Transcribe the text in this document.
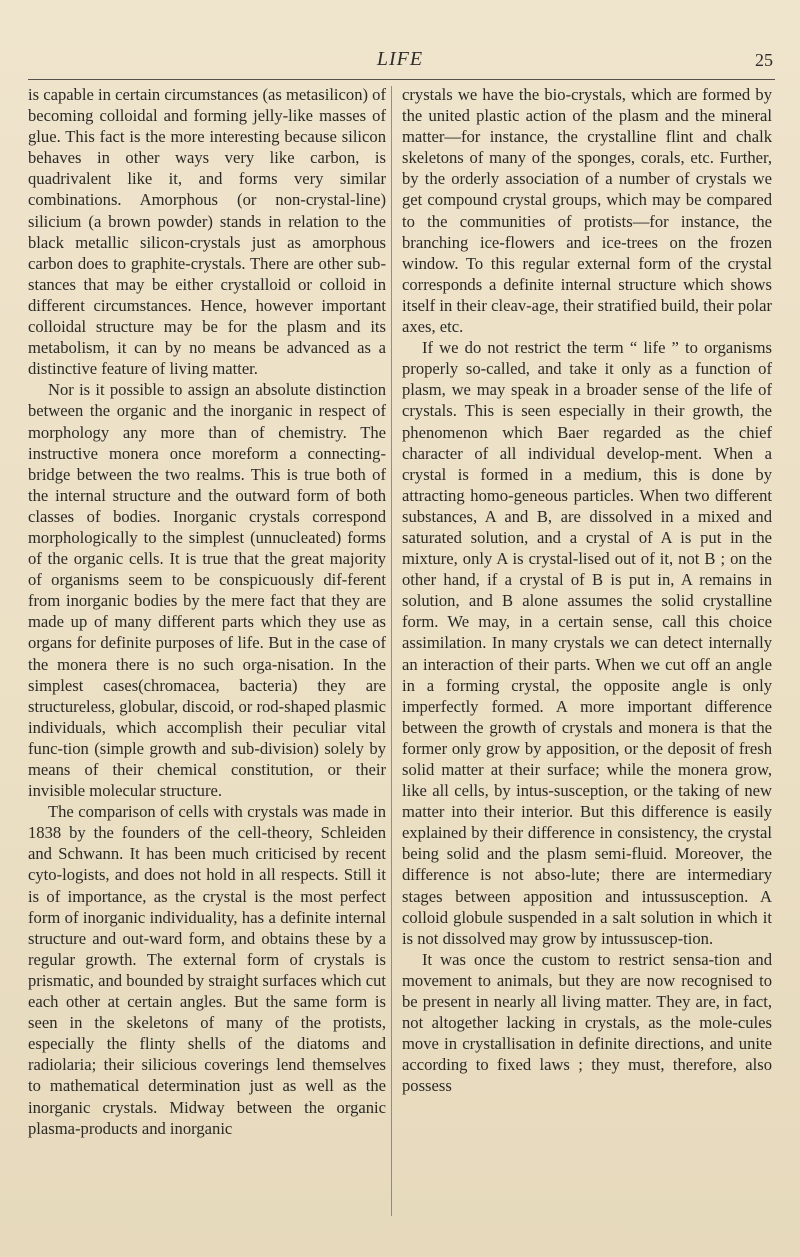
LIFE	25

is capable in certain circumstances (as metasilicon) of becoming colloidal and forming jelly-like masses of glue. This fact is the more interesting because silicon behaves in other ways very like carbon, is quadrivalent like it, and forms very similar combinations. Amorphous (or non-crystal-line) silicium (a brown powder) stands in relation to the black metallic silicon-crystals just as amorphous carbon does to graphite-crystals. There are other sub-stances that may be either crystalloid or colloid in different circumstances. Hence, however important colloidal structure may be for the plasm and its metabolism, it can by no means be advanced as a distinctive feature of living matter.

Nor is it possible to assign an absolute distinction between the organic and the inorganic in respect of morphology any more than of chemistry. The instructive monera once moreform a connecting-bridge between the two realms. This is true both of the internal structure and the outward form of both classes of bodies. Inorganic crystals correspond morphologically to the simplest (unnucleated) forms of the organic cells. It is true that the great majority of organisms seem to be conspicuously dif-ferent from inorganic bodies by the mere fact that they are made up of many different parts which they use as organs for definite purposes of life. But in the case of the monera there is no such orga-nisation. In the simplest cases(chromacea, bacteria) they are structureless, globular, discoid, or rod-shaped plasmic individuals, which accomplish their peculiar vital func-tion (simple growth and sub-division) solely by means of their chemical constitution, or their invisible molecular structure.

The comparison of cells with crystals was made in 1838 by the founders of the cell-theory, Schleiden and Schwann. It has been much criticised by recent cyto-logists, and does not hold in all respects. Still it is of importance, as the crystal is the most perfect form of inorganic individuality, has a definite internal structure and out-ward form, and obtains these by a regular growth. The external form of crystals is prismatic, and bounded by straight surfaces which cut each other at certain angles. But the same form is seen in the skeletons of many of the protists, especially the flinty shells of the diatoms and radiolaria; their silicious coverings lend themselves to mathematical determination just as well as the inorganic crystals. Midway between the organic plasma-products and inorganic

crystals we have the bio-crystals, which are formed by the united plastic action of the plasm and the mineral matter—for instance, the crystalline flint and chalk skeletons of many of the sponges, corals, etc. Further, by the orderly association of a number of crystals we get compound crystal groups, which may be compared to the communities of protists—for instance, the branching ice-flowers and ice-trees on the frozen window. To this regular external form of the crystal corresponds a definite internal structure which shows itself in their cleav-age, their stratified build, their polar axes, etc.

If we do not restrict the term “ life ” to organisms properly so-called, and take it only as a function of plasm, we may speak in a broader sense of the life of crystals. This is seen especially in their growth, the phenomenon which Baer regarded as the chief character of all individual develop-ment. When a crystal is formed in a medium, this is done by attracting homo-geneous particles. When two different substances, A and B, are dissolved in a mixed and saturated solution, and a crystal of A is put in the mixture, only A is crystal-lised out of it, not B ; on the other hand, if a crystal of B is put in, A remains in solution, and B alone assumes the solid crystalline form. We may, in a certain sense, call this choice assimilation. In many crystals we can detect internally an interaction of their parts. When we cut off an angle in a forming crystal, the opposite angle is only imperfectly formed. A more important difference between the growth of crystals and monera is that the former only grow by apposition, or the deposit of fresh solid matter at their surface; while the monera grow, like all cells, by intus-susception, or the taking of new matter into their interior. But this difference is easily explained by their difference in consistency, the crystal being solid and the plasm semi-fluid. Moreover, the difference is not abso-lute; there are intermediary stages between apposition and intussusception. A colloid globule suspended in a salt solution in which it is not dissolved may grow by intussuscep-tion.

It was once the custom to restrict sensa-tion and movement to animals, but they are now recognised to be present in nearly all living matter. They are, in fact, not altogether lacking in crystals, as the mole-cules move in crystallisation in definite directions, and unite according to fixed laws ; they must, therefore, also possess
